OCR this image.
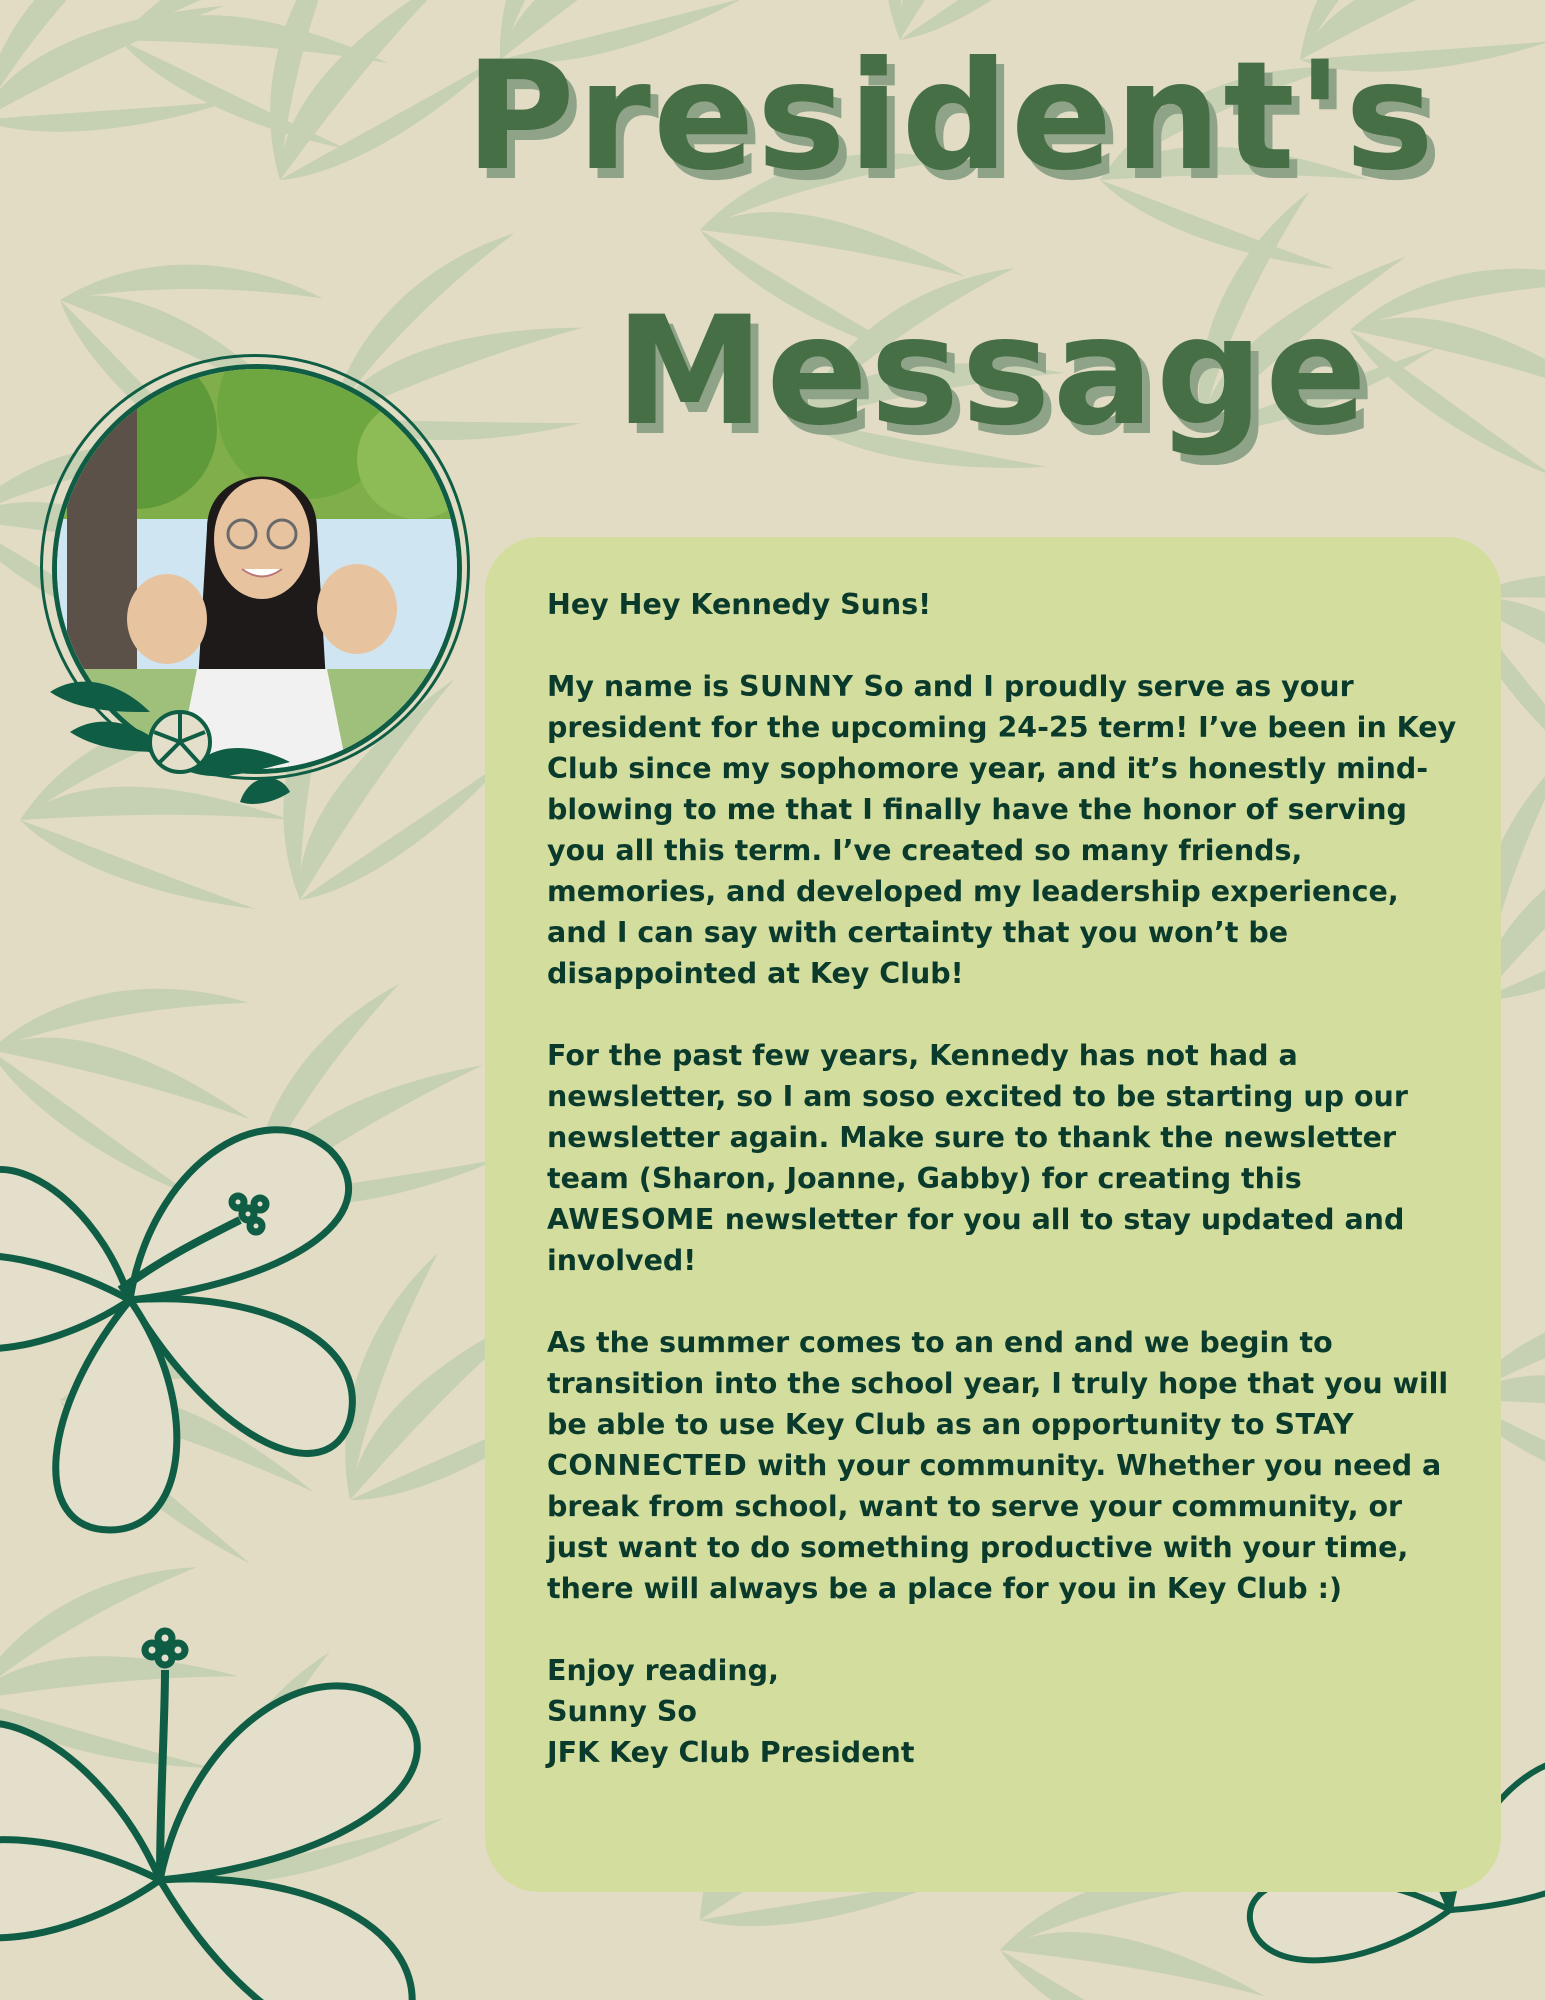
President's
Message

Hey Hey Kennedy Suns!

My name is SUNNY So and I proudly serve as your president for the upcoming 24-25 term! I’ve been in Key Club since my sophomore year, and it’s honestly mind-blowing to me that I finally have the honor of serving you all this term. I’ve created so many friends, memories, and developed my leadership experience, and I can say with certainty that you won’t be disappointed at Key Club!

For the past few years, Kennedy has not had a newsletter, so I am soso excited to be starting up our newsletter again. Make sure to thank the newsletter team (Sharon, Joanne, Gabby) for creating this AWESOME newsletter for you all to stay updated and involved!

As the summer comes to an end and we begin to transition into the school year, I truly hope that you will be able to use Key Club as an opportunity to STAY CONNECTED with your community. Whether you need a break from school, want to serve your community, or just want to do something productive with your time, there will always be a place for you in Key Club :)

Enjoy reading,

Sunny So

JFK Key Club President
